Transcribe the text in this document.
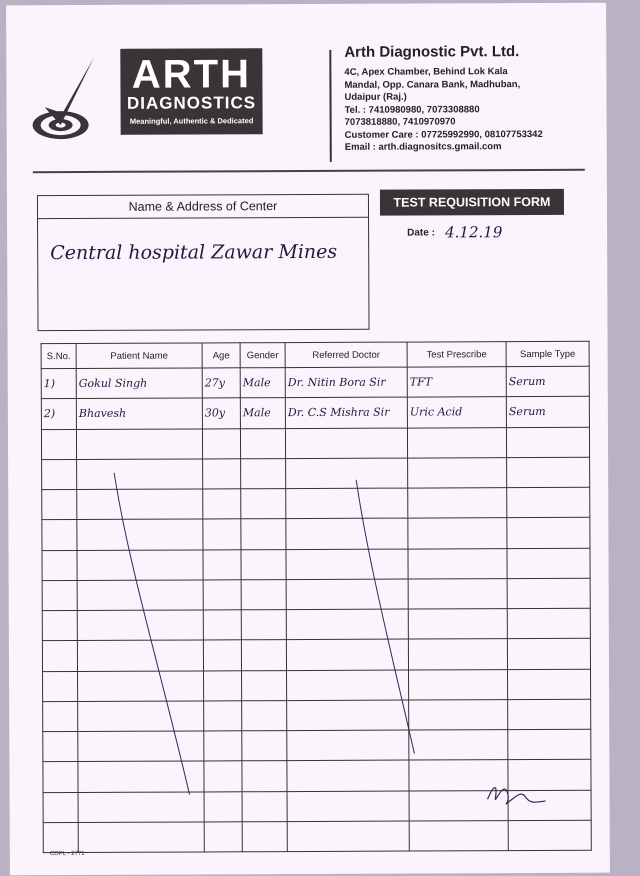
ARTH
DIAGNOSTICS
Meaningful, Authentic & Dedicated
Arth Diagnostic Pvt. Ltd.
4C, Apex Chamber, Behind Lok Kala
Mandal, Opp. Canara Bank, Madhuban,
Udaipur (Raj.)
Tel. : 7410980980, 7073308880
7073818880, 7410970970
Customer Care : 07725992990, 08107753342
Email : arth.diagnositcs.gmail.com
Name & Address of Center
Central hospital Zawar Mines
TEST REQUISITION FORM
Date : 4.12.19
S.No.	Patient Name	Age	Gender	Referred Doctor	Test Prescribe	Sample Type
1)	Gokul Singh	27y	Male	Dr. Nitin Bora Sir	TFT	Serum
2)	Bhavesh	30y	Male	Dr. C.S Mishra Sir	Uric Acid	Serum

COPL - 2771
